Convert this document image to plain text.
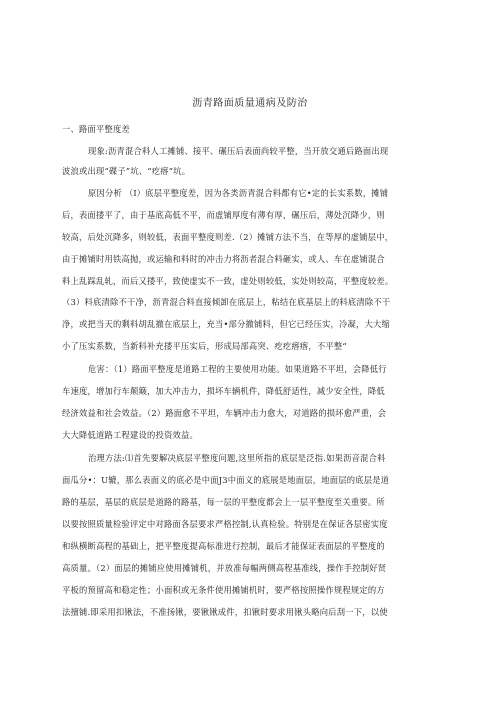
沥青路面质量通病及防治
一、路面平整度差
现象:沥青混合料人工摊铺、接平、碾压后表面尚较平整，当开放交通后路面出现
波浪或出现“碟子”坑、“疙瘩”坑。
原因分析 （I）底层平整度差，因为各类沥青混合料都有它•定的长实系数，摊铺
后，表面搂平了，由于基底高低不平，而虚铺厚度有薄有厚，碾压后，薄处沉降少，则
较高，后处沉降多，则较低，表面平整度则差.（2）摊铺方法不当，在等厚的虚铺层中，
由于摊铺时用铁高抛，或运输和料时的冲击力将沥者混合料砸实，或人、车在虚铺混合
料上乱踩乱轧，而后又搂平，致使虚实不一致，虚处则较低，实处则较高，平整度较差。
（3）料底清除不干净，沥青混合料直接倾卸在底层上，粘结在底基层上的料底清除不干
净，或把当天的剩料胡乱撤在底层上，充当•部分撤铺料，但它已经压实，冷凝，大大缩
小了压实系数，当新料补充搂平压实后，形成局部高突、疙疙瘩瘩，不平整“
危害：（1）路面平整度是道路工程的主要使用功能。如果道路不平坦，会降低行
车速度，增加行车颠簸，加大冲击力，损坏车辆机件，降低舒适性，减少安全性，降低
经济效益和社会效益。（2）路面愈不平坦，车辆冲击力愈大，对道路的损坏愈严重，会
大大降低道路工程建设的投资效益。
治理方法:⑴首先要解决底层平整度问题,这里所指的底层是泛指.如果沥音混合料
面瓜分•：U辘，那么表面义的底必是中面J3中面义的底展是地面层，地面层的底层是道
路的基层，基层的底层是道路的路基，每一层的平整度都会上一层平整度至关重要。所
以要按照质量检验评定中对路面各层要求严格控制,认真检验。特别是在保证各层密实度
和纵横断高程的基础上，把平整度提高标准进行控制，最后才能保证表面层的平整度的
高质量。（2）面层的摊铺应使用摊铺机，并放准每幅两侧高程基准线，操作手控制好贤
平板的预留高和稳定性；小面积或无条件使用摊铺机时，要严格按照操作规程规定的方
法擅铺.即采用扣锹法，不准扬锹，要锹锹成件，扣锹时要求用锹头略向后刮一下，以使
